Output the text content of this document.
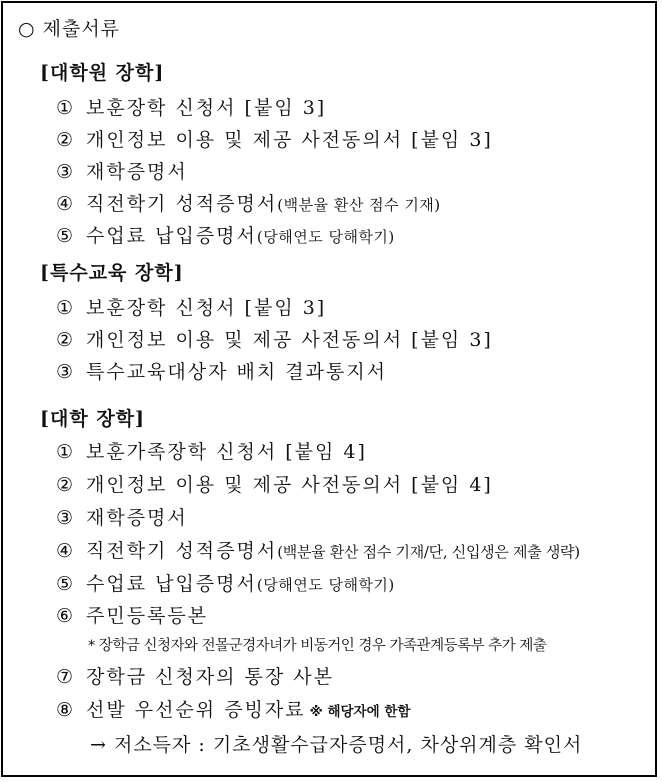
○ 제출서류
[대학원 장학]
① 보훈장학 신청서 [붙임 3]
② 개인정보 이용 및 제공 사전동의서 [붙임 3]
③ 재학증명서
④ 직전학기 성적증명서(백분율 환산 점수 기재)
⑤ 수업료 납입증명서(당해연도 당해학기)
[특수교육 장학]
① 보훈장학 신청서 [붙임 3]
② 개인정보 이용 및 제공 사전동의서 [붙임 3]
③ 특수교육대상자 배치 결과통지서
[대학 장학]
① 보훈가족장학 신청서 [붙임 4]
② 개인정보 이용 및 제공 사전동의서 [붙임 4]
③ 재학증명서
④ 직전학기 성적증명서(백분율 환산 점수 기재/단, 신입생은 제출 생략)
⑤ 수업료 납입증명서(당해연도 당해학기)
⑥ 주민등록등본
* 장학금 신청자와 전몰군경자녀가 비동거인 경우 가족관계등록부 추가 제출
⑦ 장학금 신청자의 통장 사본
⑧ 선발 우선순위 증빙자료 ※ 해당자에 한함
→ 저소득자 : 기초생활수급자증명서, 차상위계층 확인서
